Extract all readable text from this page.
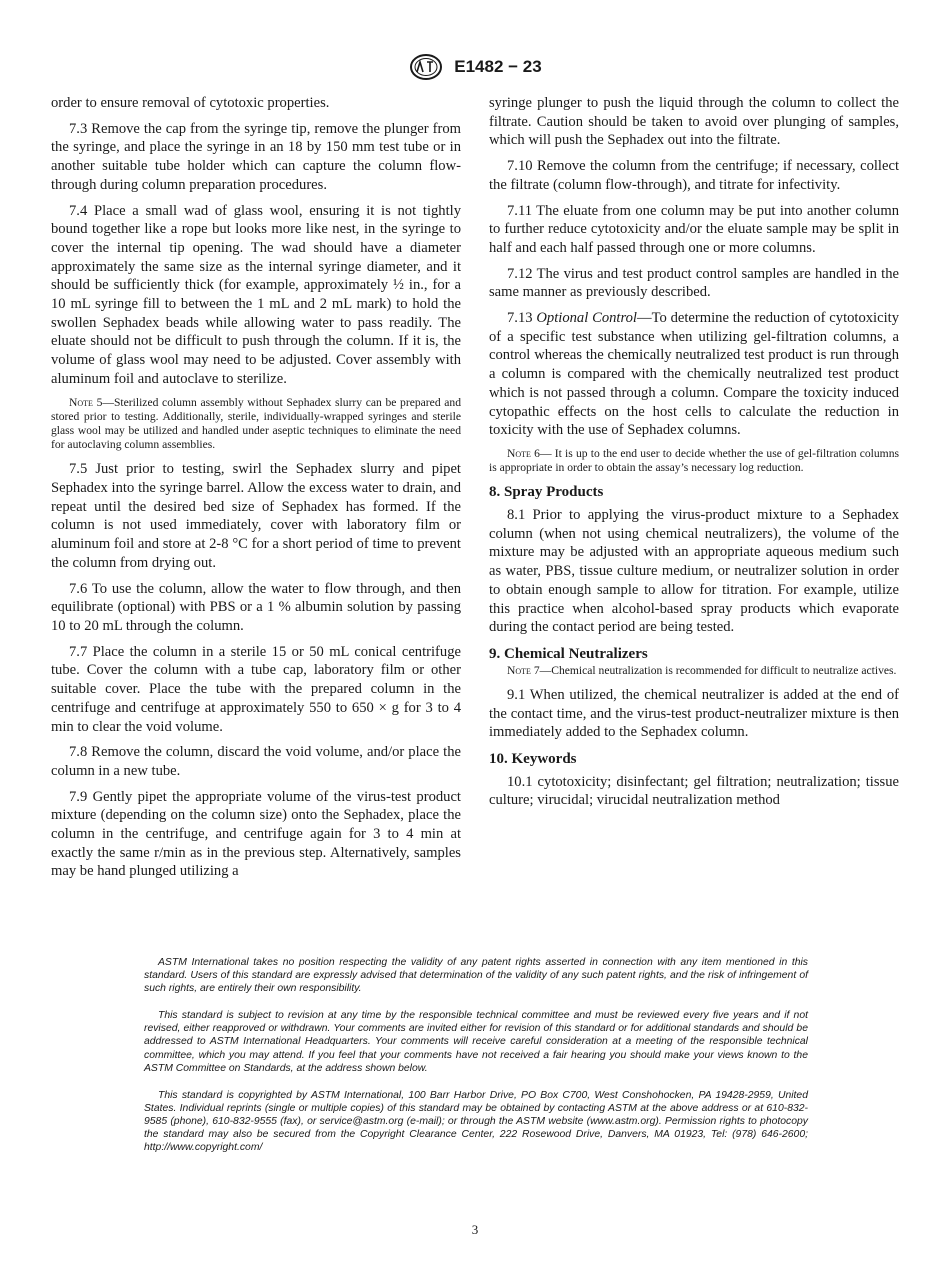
E1482 − 23

order to ensure removal of cytotoxic properties.

7.3 Remove the cap from the syringe tip, remove the plunger from the syringe, and place the syringe in an 18 by 150 mm test tube or in another suitable tube holder which can capture the column flow-through during column preparation procedures.

7.4 Place a small wad of glass wool, ensuring it is not tightly bound together like a rope but looks more like nest, in the syringe to cover the internal tip opening. The wad should have a diameter approximately the same size as the internal syringe diameter, and it should be sufficiently thick (for example, approximately ½ in., for a 10 mL syringe fill to between the 1 mL and 2 mL mark) to hold the swollen Sephadex beads while allowing water to pass readily. The eluate should not be difficult to push through the column. If it is, the volume of glass wool may need to be adjusted. Cover assembly with aluminum foil and autoclave to sterilize.

Note 5—Sterilized column assembly without Sephadex slurry can be prepared and stored prior to testing. Additionally, sterile, individually-wrapped syringes and sterile glass wool may be utilized and handled under aseptic techniques to eliminate the need for autoclaving column assemblies.

7.5 Just prior to testing, swirl the Sephadex slurry and pipet Sephadex into the syringe barrel. Allow the excess water to drain, and repeat until the desired bed size of Sephadex has formed. If the column is not used immediately, cover with laboratory film or aluminum foil and store at 2-8 °C for a short period of time to prevent the column from drying out.

7.6 To use the column, allow the water to flow through, and then equilibrate (optional) with PBS or a 1 % albumin solution by passing 10 to 20 mL through the column.

7.7 Place the column in a sterile 15 or 50 mL conical centrifuge tube. Cover the column with a tube cap, laboratory film or other suitable cover. Place the tube with the prepared column in the centrifuge and centrifuge at approximately 550 to 650 × g for 3 to 4 min to clear the void volume.

7.8 Remove the column, discard the void volume, and/or place the column in a new tube.

7.9 Gently pipet the appropriate volume of the virus-test product mixture (depending on the column size) onto the Sephadex, place the column in the centrifuge, and centrifuge again for 3 to 4 min at exactly the same r/min as in the previous step. Alternatively, samples may be hand plunged utilizing a

syringe plunger to push the liquid through the column to collect the filtrate. Caution should be taken to avoid over plunging of samples, which will push the Sephadex out into the filtrate.

7.10 Remove the column from the centrifuge; if necessary, collect the filtrate (column flow-through), and titrate for infectivity.

7.11 The eluate from one column may be put into another column to further reduce cytotoxicity and/or the eluate sample may be split in half and each half passed through one or more columns.

7.12 The virus and test product control samples are handled in the same manner as previously described.

7.13 Optional Control—To determine the reduction of cytotoxicity of a specific test substance when utilizing gel-filtration columns, a control whereas the chemically neutralized test product is run through a column is compared with the chemically neutralized test product which is not passed through a column. Compare the toxicity induced cytopathic effects on the host cells to calculate the reduction in toxicity with the use of Sephadex columns.

Note 6— It is up to the end user to decide whether the use of gel-filtration columns is appropriate in order to obtain the assay’s necessary log reduction.

8. Spray Products

8.1 Prior to applying the virus-product mixture to a Sephadex column (when not using chemical neutralizers), the volume of the mixture may be adjusted with an appropriate aqueous medium such as water, PBS, tissue culture medium, or neutralizer solution in order to obtain enough sample to allow for titration. For example, utilize this practice when alcohol-based spray products which evaporate during the contact period are being tested.

9. Chemical Neutralizers

Note 7—Chemical neutralization is recommended for difficult to neutralize actives.

9.1 When utilized, the chemical neutralizer is added at the end of the contact time, and the virus-test product-neutralizer mixture is then immediately added to the Sephadex column.

10. Keywords

10.1 cytotoxicity; disinfectant; gel filtration; neutralization; tissue culture; virucidal; virucidal neutralization method

ASTM International takes no position respecting the validity of any patent rights asserted in connection with any item mentioned in this standard. Users of this standard are expressly advised that determination of the validity of any such patent rights, and the risk of infringement of such rights, are entirely their own responsibility.

This standard is subject to revision at any time by the responsible technical committee and must be reviewed every five years and if not revised, either reapproved or withdrawn. Your comments are invited either for revision of this standard or for additional standards and should be addressed to ASTM International Headquarters. Your comments will receive careful consideration at a meeting of the responsible technical committee, which you may attend. If you feel that your comments have not received a fair hearing you should make your views known to the ASTM Committee on Standards, at the address shown below.

This standard is copyrighted by ASTM International, 100 Barr Harbor Drive, PO Box C700, West Conshohocken, PA 19428-2959, United States. Individual reprints (single or multiple copies) of this standard may be obtained by contacting ASTM at the above address or at 610-832-9585 (phone), 610-832-9555 (fax), or service@astm.org (e-mail); or through the ASTM website (www.astm.org). Permission rights to photocopy the standard may also be secured from the Copyright Clearance Center, 222 Rosewood Drive, Danvers, MA 01923, Tel: (978) 646-2600; http://www.copyright.com/

3
